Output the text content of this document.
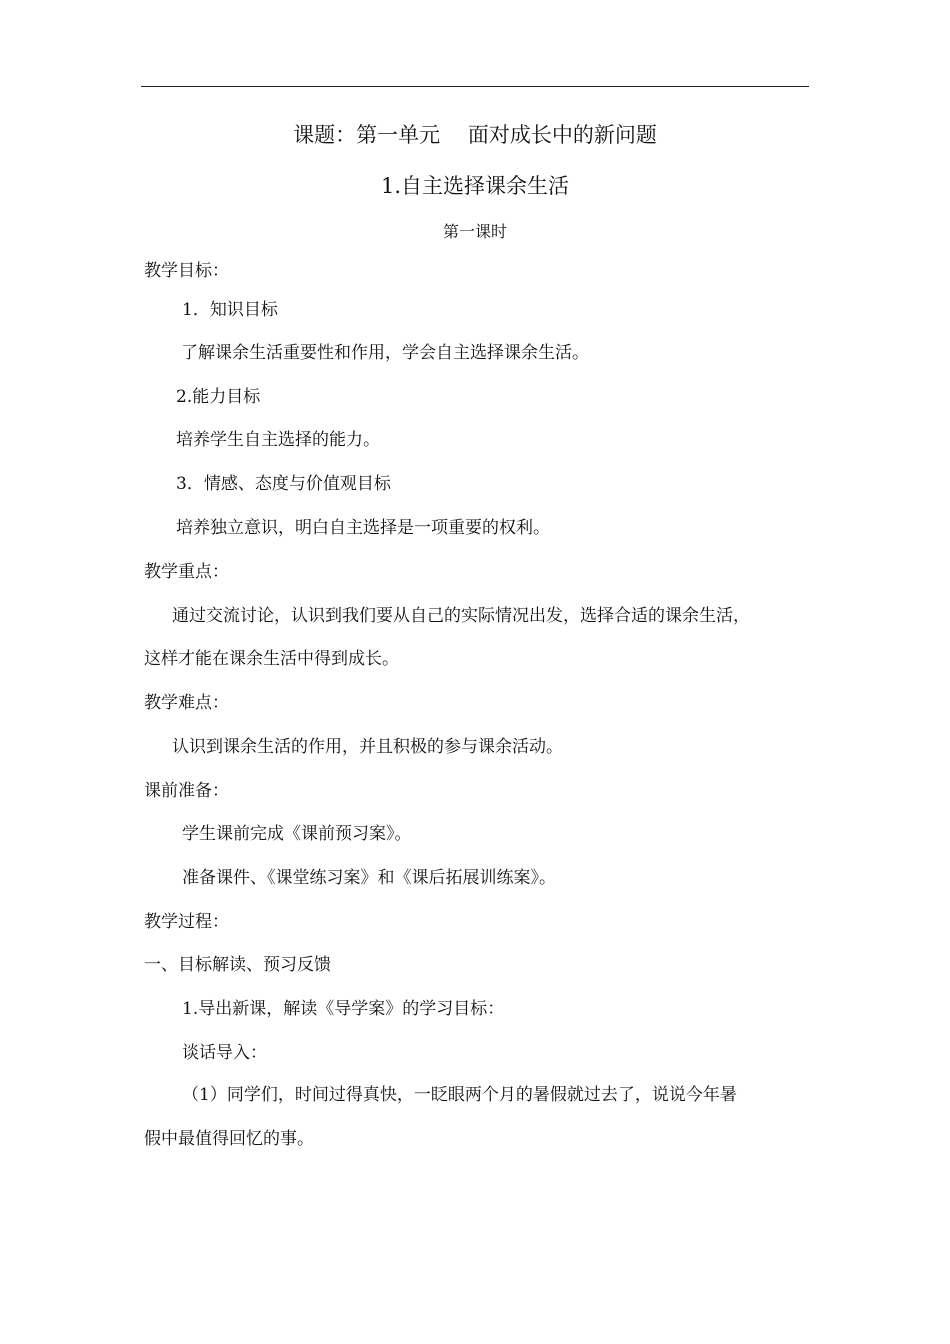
课题：第一单元　 面对成长中的新问题
1.自主选择课余生活
第一课时
教学目标：
1．知识目标
了解课余生活重要性和作用，学会自主选择课余生活。
2.能力目标
培养学生自主选择的能力。
3．情感、态度与价值观目标
培养独立意识，明白自主选择是一项重要的权利。
教学重点：
通过交流讨论，认识到我们要从自己的实际情况出发，选择合适的课余生活，
这样才能在课余生活中得到成长。
教学难点：
认识到课余生活的作用，并且积极的参与课余活动。
课前准备：
学生课前完成《课前预习案》。
准备课件、《课堂练习案》和《课后拓展训练案》。
教学过程：
一、目标解读、预习反馈
1.导出新课，解读《导学案》的学习目标：
谈话导入：
（1）同学们，时间过得真快，一眨眼两个月的暑假就过去了，说说今年暑
假中最值得回忆的事。
